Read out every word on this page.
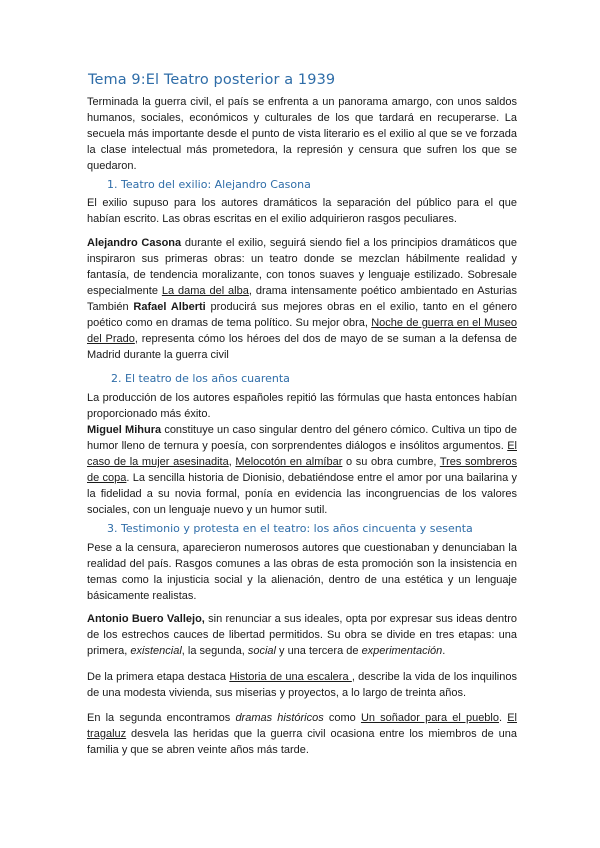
Tema 9:El Teatro posterior a 1939
Terminada la guerra civil, el país se enfrenta a un panorama amargo, con unos saldos humanos, sociales, económicos y culturales de los que tardará en recuperarse. La secuela más importante desde el punto de vista literario es el exilio al que se ve forzada la clase intelectual más prometedora, la represión y censura que sufren los que se quedaron.
1. Teatro del exilio: Alejandro Casona
El exilio supuso para los autores dramáticos la separación del público para el que habían escrito. Las obras escritas en el exilio adquirieron rasgos peculiares.
Alejandro Casona durante el exilio, seguirá siendo fiel a los principios dramáticos que inspiraron sus primeras obras: un teatro donde se mezclan hábilmente realidad y fantasía, de tendencia moralizante, con tonos suaves y lenguaje estilizado. Sobresale especialmente La dama del alba, drama intensamente poético ambientado en Asturias También Rafael Alberti producirá sus mejores obras en el exilio, tanto en el género poético como en dramas de tema político. Su mejor obra, Noche de guerra en el Museo del Prado, representa cómo los héroes del dos de mayo de se suman a la defensa de Madrid durante la guerra civil
2. El teatro de los años cuarenta
La producción de los autores españoles repitió las fórmulas que hasta entonces habían proporcionado más éxito.
Miguel Mihura constituye un caso singular dentro del género cómico. Cultiva un tipo de humor lleno de ternura y poesía, con sorprendentes diálogos e insólitos argumentos. El caso de la mujer asesinadita, Melocotón en almíbar o su obra cumbre, Tres sombreros de copa. La sencilla historia de Dionisio, debatiéndose entre el amor por una bailarina y la fidelidad a su novia formal, ponía en evidencia las incongruencias de los valores sociales, con un lenguaje nuevo y un humor sutil.
3. Testimonio y protesta en el teatro: los años cincuenta y sesenta
Pese a la censura, aparecieron numerosos autores que cuestionaban y denunciaban la realidad del país. Rasgos comunes a las obras de esta promoción son la insistencia en temas como la injusticia social y la alienación, dentro de una estética y un lenguaje básicamente realistas.
Antonio Buero Vallejo, sin renunciar a sus ideales, opta por expresar sus ideas dentro de los estrechos cauces de libertad permitidos. Su obra se divide en tres etapas: una primera, existencial, la segunda, social y una tercera de experimentación.
De la primera etapa destaca Historia de una escalera , describe la vida de los inquilinos de una modesta vivienda, sus miserias y proyectos, a lo largo de treinta años.
En la segunda encontramos dramas históricos como Un soñador para el pueblo. El tragaluz desvela las heridas que la guerra civil ocasiona entre los miembros de una familia y que se abren veinte años más tarde.
